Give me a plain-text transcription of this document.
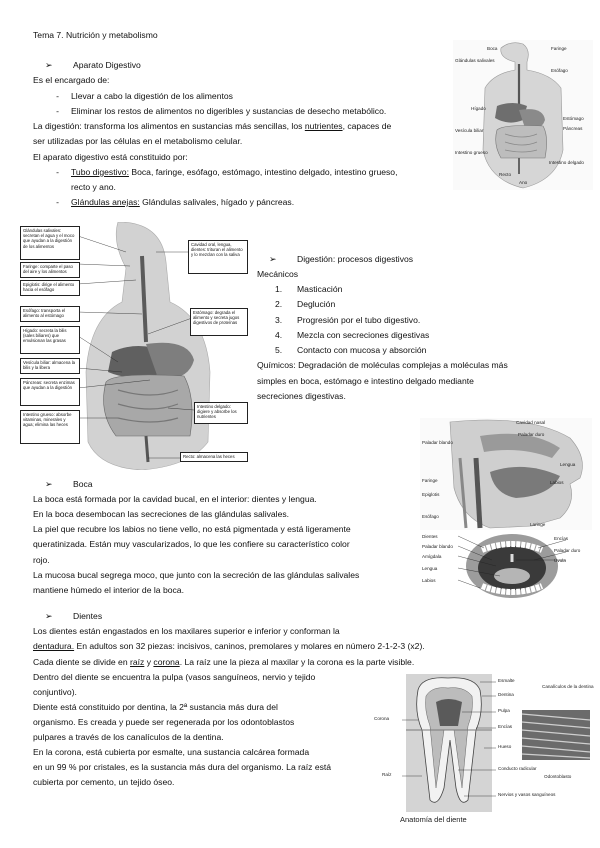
Tema 7. Nutrición y metabolismo
➢ Aparato Digestivo
Es el encargado de:
- Llevar a cabo la digestión de los alimentos
- Eliminar los restos de alimentos no digeribles y sustancias de desecho metabólico.
La digestión: transforma los alimentos en sustancias más sencillas, los nutrientes, capaces de
ser utilizadas por las células en el metabolismo celular.
El aparato digestivo está constituido por:
- Tubo digestivo: Boca, faringe, esófago, estómago, intestino delgado, intestino grueso,
recto y ano.
- Glándulas anejas: Glándulas salivales, hígado y páncreas.
Boca
Glándulas salivales
Faringe
Esófago
Hígado
Estómago
Vesícula biliar	Páncreas
Intestino grueso
Intestino delgado
Recto
Ano
Glándulas salivales: secretan el agua y el moco que ayudan a la digestión de los alimentos
Faringe: comparte el paso del aire y los alimentos
Epiglotis: dirige el alimento hacia el esófago
Esófago: transporta el alimento al estómago
Hígado: secreta la bilis (sales biliares) que emulsionan las grasas
Vesícula biliar: almacena la bilis y la libera
Páncreas: secreta enzimas que ayudan a la digestión
Intestino grueso: absorbe vitaminas, minerales y agua; elimina las heces
Cavidad oral, lengua, dientes: trituran el alimento y lo mezclan con la saliva
Estómago: degrada el alimento y secreta jugos digestivos de proteínas
Intestino delgado: digiere y absorbe los nutrientes
Recto: almacena las heces
➢ Digestión: procesos digestivos
Mecánicos
1. Masticación
2. Deglución
3. Progresión por el tubo digestivo.
4. Mezcla con secreciones digestivas
5. Contacto con mucosa y absorción
Químicos: Degradación de moléculas complejas a moléculas más
simples en boca, estómago e intestino delgado mediante
secreciones digestivas.
Cavidad nasal
Paladar duro
Paladar blando
Lengua
Labios
Faringe
Epiglotis
Esófago
Laringe
Dientes
Paladar blando
Amígdala
Lengua
Labios
Encías
Paladar duro
Úvula
➢ Boca
La boca está formada por la cavidad bucal, en el interior: dientes y lengua.
En la boca desembocan las secreciones de las glándulas salivales.
La piel que recubre los labios no tiene vello, no está pigmentada y está ligeramente
queratinizada. Están muy vascularizados, lo que les confiere su característico color
rojo.
La mucosa bucal segrega moco, que junto con la secreción de las glándulas salivales
mantiene húmedo el interior de la boca.
➢ Dientes
Los dientes están engastados en los maxilares superior e inferior y conforman la
dentadura. En adultos son 32 piezas: incisivos, caninos, premolares y molares en número 2-1-2-3 (x2).
Cada diente se divide en raíz y corona. La raíz une la pieza al maxilar y la corona es la parte visible.
Dentro del diente se encuentra la pulpa (vasos sanguíneos, nervio y tejido
conjuntivo).
Diente está constituido por dentina, la 2ª sustancia más dura del
organismo. Es creada y puede ser regenerada por los odontoblastos
pulpares a través de los canalículos de la dentina.
En la corona, está cubierta por esmalte, una sustancia calcárea formada
en un 99 % por cristales, es la sustancia más dura del organismo. La raíz está
cubierta por cemento, un tejido óseo.
Esmalte
Dentina
Pulpa
Encías
Hueso
Conducto radicular
Nervios y vasos sanguíneos
Corona
Raíz
Canalículos de la dentina
Odontoblasto
Anatomía del diente
